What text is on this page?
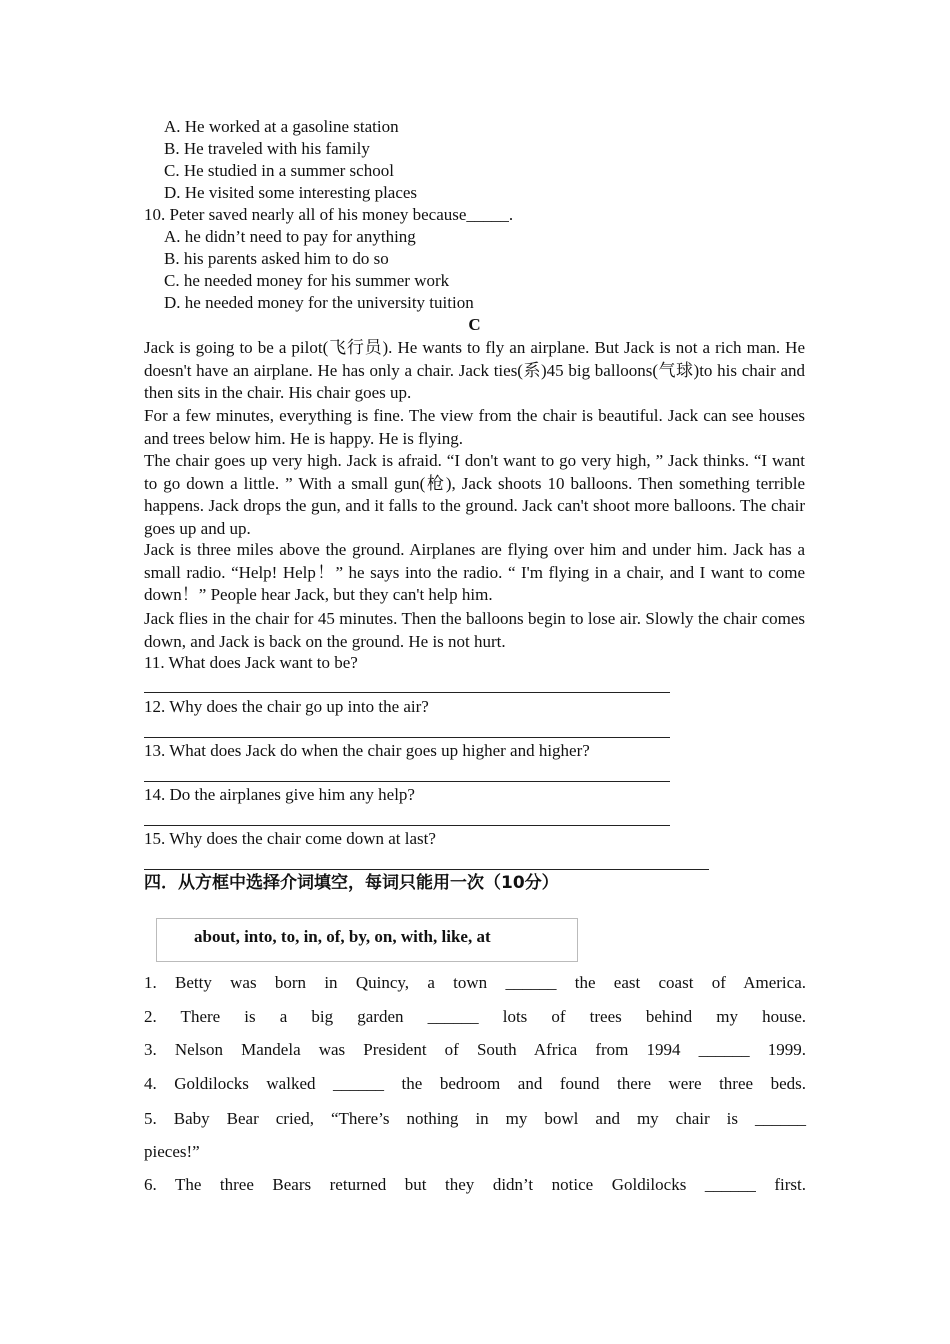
A. He worked at a gasoline station
B. He traveled with his family
C. He studied in a summer school
D. He visited some interesting places
10. Peter saved nearly all of his money because_____.
A. he didn’t need to pay for anything
B. his parents asked him to do so
C. he needed money for his summer work
D. he needed money for the university tuition
C
Jack is going to be a pilot(飞行员). He wants to fly an airplane. But Jack is not a rich man. He doesn't have an airplane. He has only a chair. Jack ties(系)45 big balloons(气球)to his chair and then sits in the chair. His chair goes up.
For a few minutes, everything is fine. The view from the chair is beautiful. Jack can see houses and trees below him. He is happy. He is flying.
The chair goes up very high. Jack is afraid. “I don't want to go very high, ” Jack thinks. “I want to go down a little. ” With a small gun(枪), Jack shoots 10 balloons. Then something terrible happens. Jack drops the gun, and it falls to the ground. Jack can't shoot more balloons. The chair goes up and up.
Jack is three miles above the ground. Airplanes are flying over him and under him. Jack has a small radio. “Help! Help！” he says into the radio. “ I'm flying in a chair, and I want to come down！” People hear Jack, but they can't help him.
Jack flies in the chair for 45 minutes. Then the balloons begin to lose air. Slowly the chair comes down, and Jack is back on the ground. He is not hurt.
11. What does Jack want to be?
12. Why does the chair go up into the air?
13. What does Jack do when the chair goes up higher and higher?
14. Do the airplanes give him any help?
15. Why does the chair come down at last?
四．从方框中选择介词填空，每词只能用一次（10分）
about, into, to, in, of, by, on, with, like, at
1. Betty was born in Quincy, a town ______ the east coast of America.
2. There is a big garden ______ lots of trees behind my house.
3. Nelson Mandela was President of South Africa from 1994 ______ 1999.
4. Goldilocks walked ______ the bedroom and found there were three beds.
5. Baby Bear cried, “There’s nothing in my bowl and my chair is ______
pieces!”
6. The three Bears returned but they didn’t notice Goldilocks ______ first.
